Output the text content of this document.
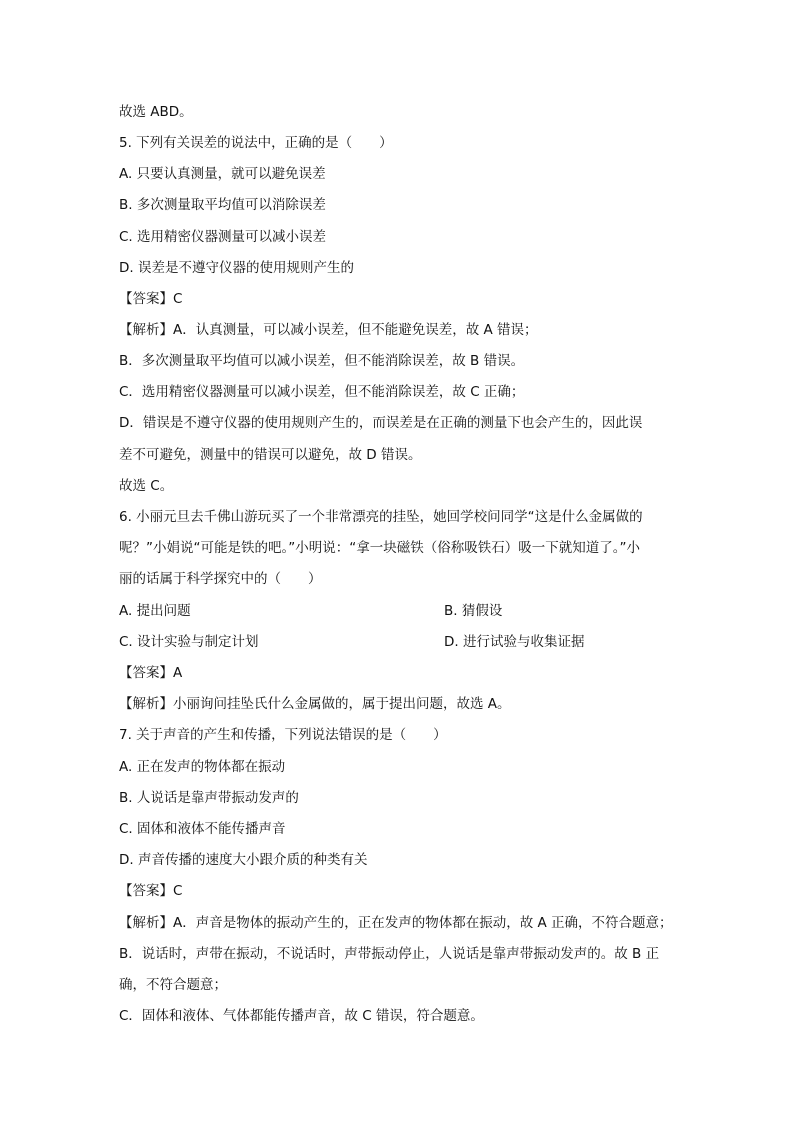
故选 ABD。
5. 下列有关误差的说法中，正确的是（　　）
A. 只要认真测量，就可以避免误差
B. 多次测量取平均值可以消除误差
C. 选用精密仪器测量可以减小误差
D. 误差是不遵守仪器的使用规则产生的
【答案】C
【解析】A．认真测量，可以减小误差，但不能避免误差，故 A 错误；
B．多次测量取平均值可以减小误差，但不能消除误差，故 B 错误。
C．选用精密仪器测量可以减小误差，但不能消除误差，故 C 正确；
D．错误是不遵守仪器的使用规则产生的，而误差是在正确的测量下也会产生的，因此误
差不可避免，测量中的错误可以避免，故 D 错误。
故选 C。
6. 小丽元旦去千佛山游玩买了一个非常漂亮的挂坠，她回学校问同学“这是什么金属做的
呢？”小娟说“可能是铁的吧。”小明说：“拿一块磁铁（俗称吸铁石）吸一下就知道了。”小
丽的话属于科学探究中的（　　）
A. 提出问题	B. 猜假设
C. 设计实验与制定计划	D. 进行试验与收集证据
【答案】A
【解析】小丽询问挂坠氏什么金属做的，属于提出问题，故选 A。
7. 关于声音的产生和传播，下列说法错误的是（　　）
A. 正在发声的物体都在振动
B. 人说话是靠声带振动发声的
C. 固体和液体不能传播声音
D. 声音传播的速度大小跟介质的种类有关
【答案】C
【解析】A．声音是物体的振动产生的，正在发声的物体都在振动，故 A 正确，不符合题意；
B．说话时，声带在振动，不说话时，声带振动停止，人说话是靠声带振动发声的。故 B 正
确，不符合题意；
C．固体和液体、气体都能传播声音，故 C 错误，符合题意。
